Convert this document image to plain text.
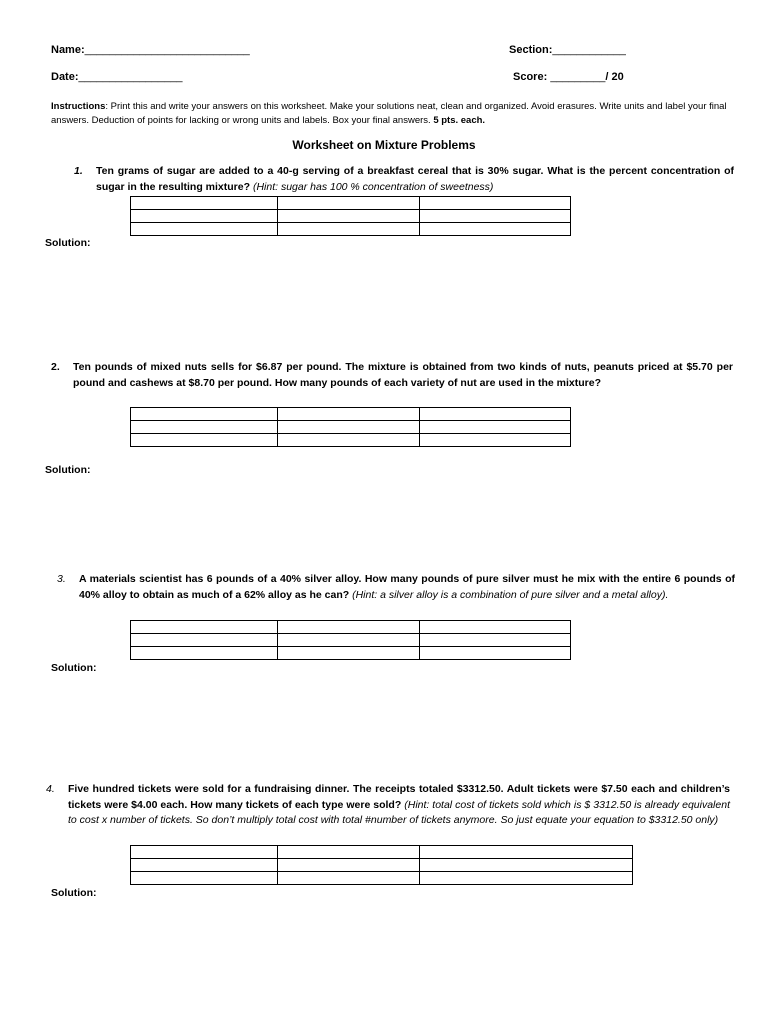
Name:___________________________	Section:____________
Date:_________________	Score: _________/ 20
Instructions: Print this and write your answers on this worksheet. Make your solutions neat, clean and organized. Avoid erasures. Write units and label your final answers. Deduction of points for lacking or wrong units and labels. Box your final answers. 5 pts. each.
Worksheet on Mixture Problems
1. Ten grams of sugar are added to a 40-g serving of a breakfast cereal that is 30% sugar. What is the percent concentration of sugar in the resulting mixture? (Hint: sugar has 100 % concentration of sweetness)

Solution:
2. Ten pounds of mixed nuts sells for $6.87 per pound. The mixture is obtained from two kinds of nuts, peanuts priced at $5.70 per pound and cashews at $8.70 per pound. How many pounds of each variety of nut are used in the mixture?

Solution:
3. A materials scientist has 6 pounds of a 40% silver alloy. How many pounds of pure silver must he mix with the entire 6 pounds of 40% alloy to obtain as much of a 62% alloy as he can? (Hint: a silver alloy is a combination of pure silver and a metal alloy).

Solution:
4. Five hundred tickets were sold for a fundraising dinner. The receipts totaled $3312.50. Adult tickets were $7.50 each and children’s tickets were $4.00 each. How many tickets of each type were sold? (Hint: total cost of tickets sold which is $ 3312.50 is already equivalent to cost x number of tickets. So don’t multiply total cost with total #number of tickets anymore. So just equate your equation to $3312.50 only)

Solution:
